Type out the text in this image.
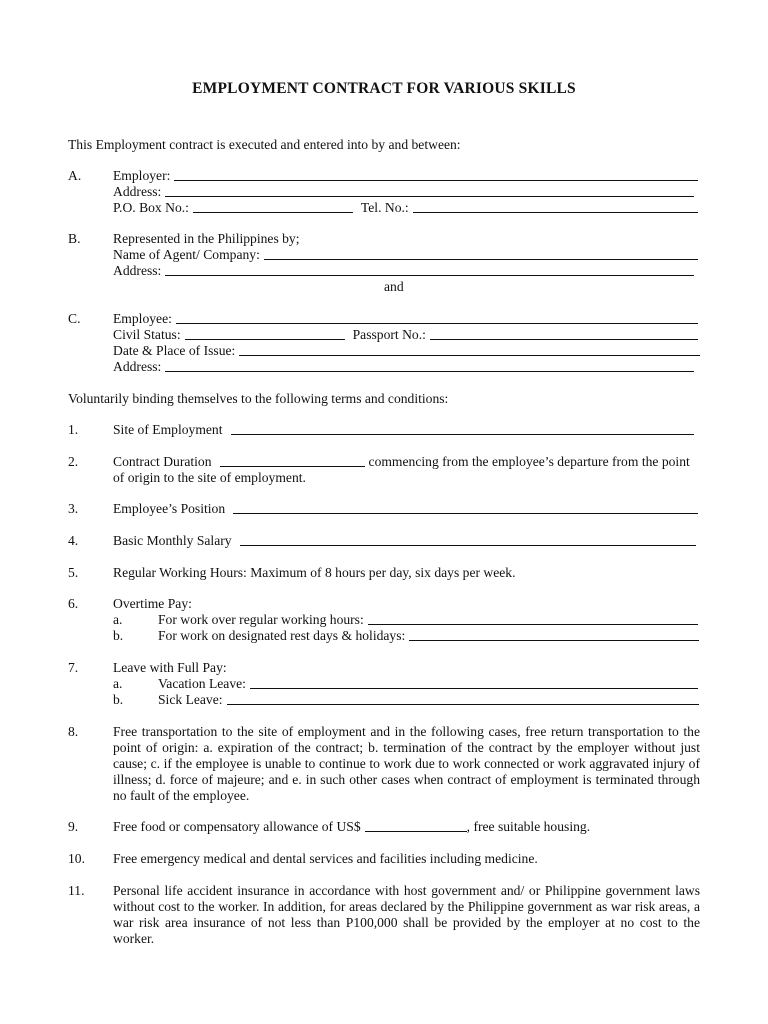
EMPLOYMENT CONTRACT FOR VARIOUS SKILLS
This Employment contract is executed and entered into by and between:
A. Employer:
Address:
P.O. Box No.:	Tel. No.:
B. Represented in the Philippines by;
Name of Agent/ Company:
Address:
and
C. Employee:
Civil Status:	Passport No.:
Date & Place of Issue:
Address:
Voluntarily binding themselves to the following terms and conditions:
1.	Site of Employment
2.	Contract Duration	commencing from the employee’s departure from the point
of origin to the site of employment.
3.	Employee’s Position
4.	Basic Monthly Salary
5.	Regular Working Hours: Maximum of 8 hours per day, six days per week.
6.	Overtime Pay:
a.	For work over regular working hours:
b.	For work on designated rest days & holidays:
7.	Leave with Full Pay:
a.	Vacation Leave:
b.	Sick Leave:
8.	Free transportation to the site of employment and in the following cases, free return transportation to the point of origin: a. expiration of the contract; b. termination of the contract by the employer without just cause; c. if the employee is unable to continue to work due to work connected or work aggravated injury of illness; d. force of majeure; and e. in such other cases when contract of employment is terminated through no fault of the employee.
9.	Free food or compensatory allowance of US$	, free suitable housing.
10. Free emergency medical and dental services and facilities including medicine.
11. Personal life accident insurance in accordance with host government and/ or Philippine government laws without cost to the worker. In addition, for areas declared by the Philippine government as war risk areas, a war risk area insurance of not less than P100,000 shall be provided by the employer at no cost to the worker.
